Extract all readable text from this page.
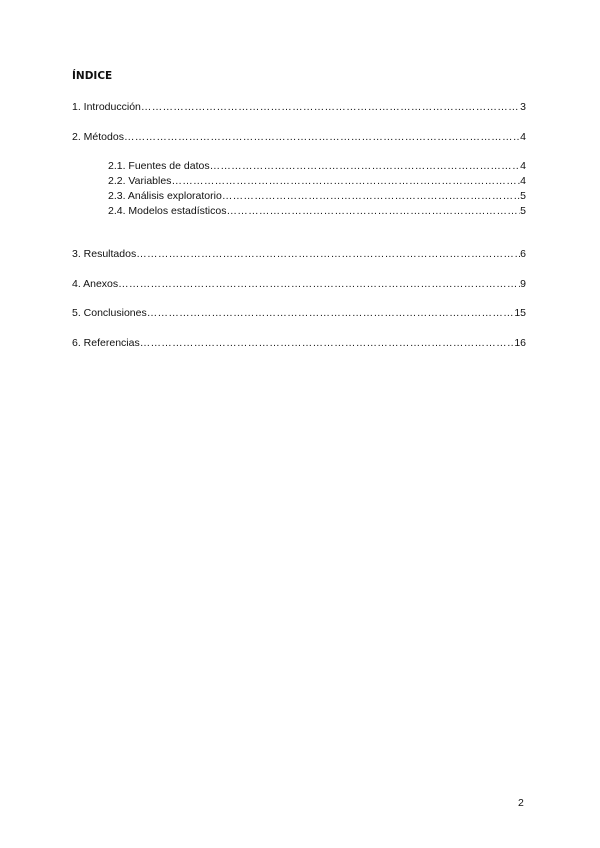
ÍNDICE
1. Introducción ………………………………………………………………………………………………………………………………………………………………………………	3
2. Métodos ………………………………………………………………………………………………………………………………………………………………………………	4
2.1. Fuentes de datos ………………………………………………………………………………………………………………………………………………………………………………	4
2.2. Variables ………………………………………………………………………………………………………………………………………………………………………………	4
2.3. Análisis exploratorio ………………………………………………………………………………………………………………………………………………………………………………	5
2.4. Modelos estadísticos ………………………………………………………………………………………………………………………………………………………………………………	5
3. Resultados ………………………………………………………………………………………………………………………………………………………………………………	6
4. Anexos ………………………………………………………………………………………………………………………………………………………………………………	9
5. Conclusiones ………………………………………………………………………………………………………………………………………………………………………………	15
6. Referencias ………………………………………………………………………………………………………………………………………………………………………………	16
2
